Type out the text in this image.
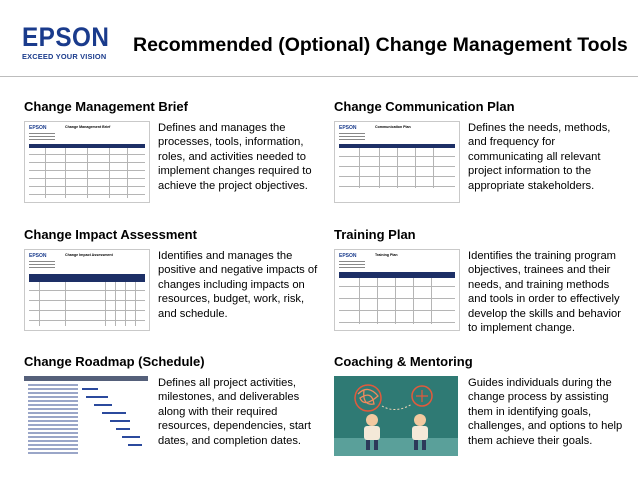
EPSON
EXCEED YOUR VISION
Recommended (Optional) Change Management Tools
Change Management Brief
EPSON	Change Management Brief	Defines and manages the processes, tools, information, roles, and activities needed to implement changes required to achieve the project objectives.
Change Communication Plan
EPSON	Communication Plan	Defines the needs, methods, and frequency for communicating all relevant project information to the appropriate stakeholders.
Change Impact Assessment
EPSON	Change Impact Assessment	Identifies and manages the positive and negative impacts of changes including impacts on resources, budget, work, risk, and schedule.
Training Plan
EPSON	Training Plan	Identifies the training program objectives, trainees and their needs, and training methods and tools in order to effectively develop the skills and behavior to implement change.
Change Roadmap (Schedule)
Defines all project activities, milestones, and deliverables along with their required resources, dependencies, start dates, and completion dates.
Coaching & Mentoring
Guides individuals during the change process by assisting them in identifying goals, challenges, and options to help them achieve their goals.
